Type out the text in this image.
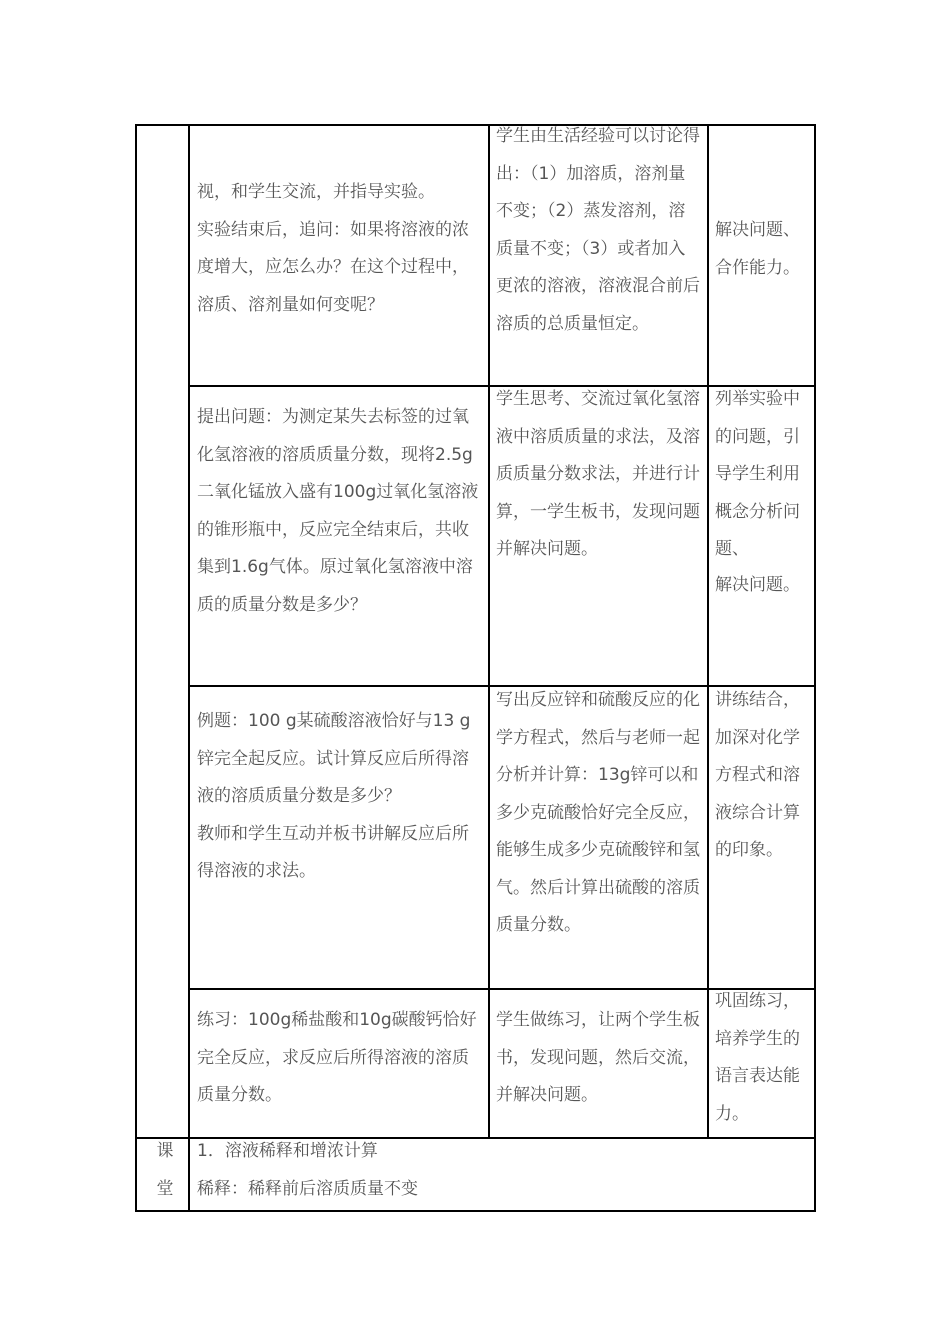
视，和学生交流，并指导实验。

实验结束后，追问：如果将溶液的浓度增大，应怎么办？在这个过程中，溶质、溶剂量如何变呢？

学生由生活经验可以讨论得出：（1）加溶质，溶剂量不变；（2）蒸发溶剂，溶质量不变；（3）或者加入更浓的溶液，溶液混合前后溶质的总质量恒定。

解决问题、合作能力。

提出问题：为测定某失去标签的过氧化氢溶液的溶质质量分数，现将2.5g二氧化锰放入盛有100g过氧化氢溶液的锥形瓶中，反应完全结束后，共收集到1.6g气体。原过氧化氢溶液中溶质的质量分数是多少？

学生思考、交流过氧化氢溶液中溶质质量的求法，及溶质质量分数求法，并进行计算，一学生板书，发现问题并解决问题。

列举实验中的问题，引导学生利用概念分析问题、

解决问题。

例题：100 g某硫酸溶液恰好与13 g锌完全起反应。试计算反应后所得溶液的溶质质量分数是多少？

教师和学生互动并板书讲解反应后所得溶液的求法。

写出反应锌和硫酸反应的化学方程式，然后与老师一起分析并计算：13g锌可以和多少克硫酸恰好完全反应，能够生成多少克硫酸锌和氢气。然后计算出硫酸的溶质质量分数。

讲练结合，加深对化学方程式和溶液综合计算的印象。

练习：100g稀盐酸和10g碳酸钙恰好完全反应，求反应后所得溶液的溶质质量分数。

学生做练习，让两个学生板书，发现问题，然后交流，并解决问题。

巩固练习，培养学生的语言表达能力。

课

堂

1．溶液稀释和增浓计算

稀释：稀释前后溶质质量不变
